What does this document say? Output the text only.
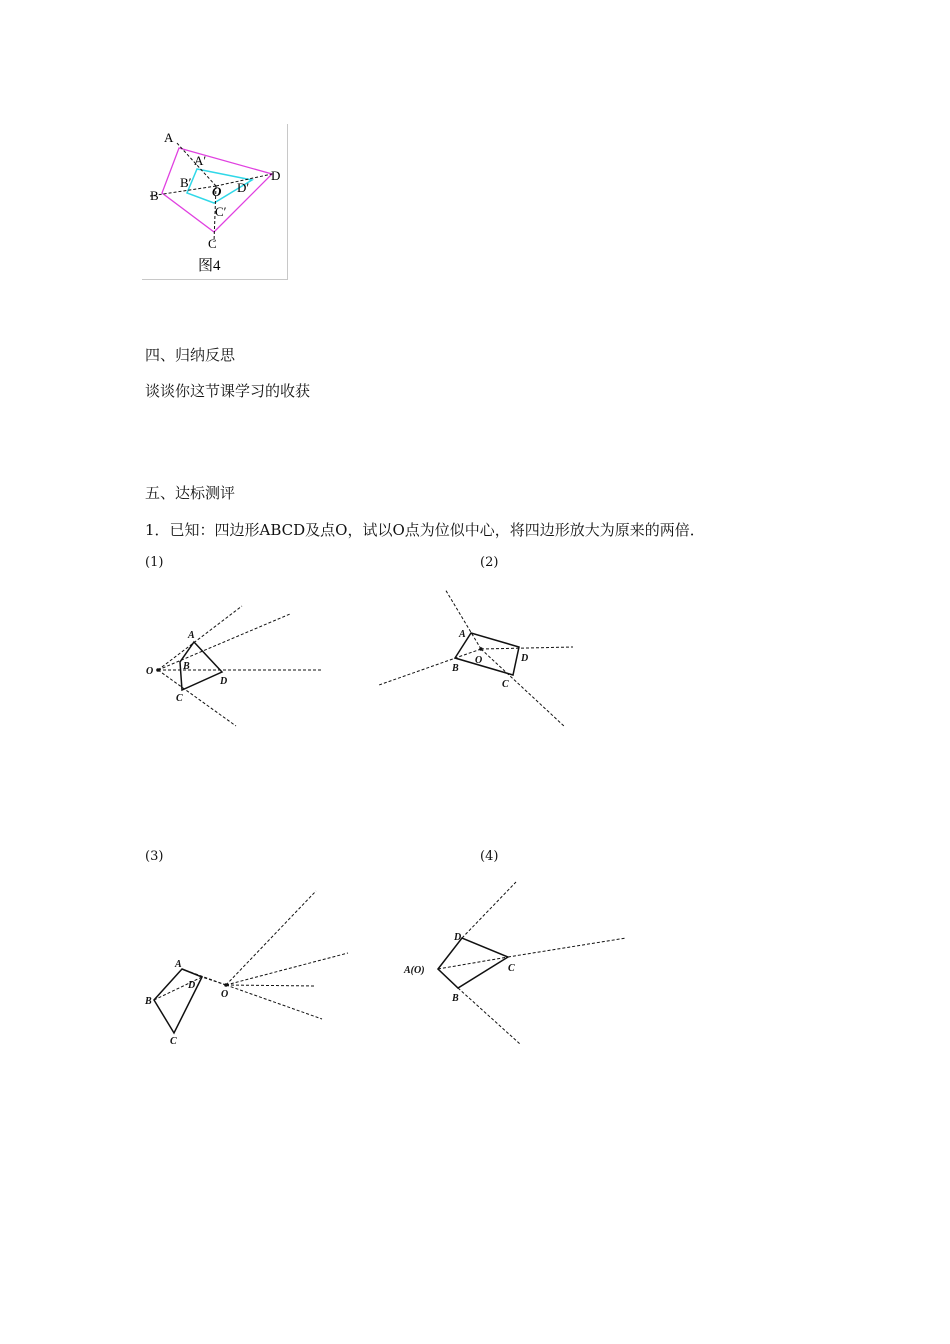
A
A′
B′
B	O D′
D
C′
C
图4
四、归纳反思
谈谈你这节课学习的收获
五、达标测评
1．已知：四边形ABCD及点O，试以O点为位似中心，将四边形放大为原来的两倍．
(1)	(2)
(3)	(4)
O
A
B
C
D
A
O
B
C
D
A
B
C
D
O
D
A(O)
B
C
